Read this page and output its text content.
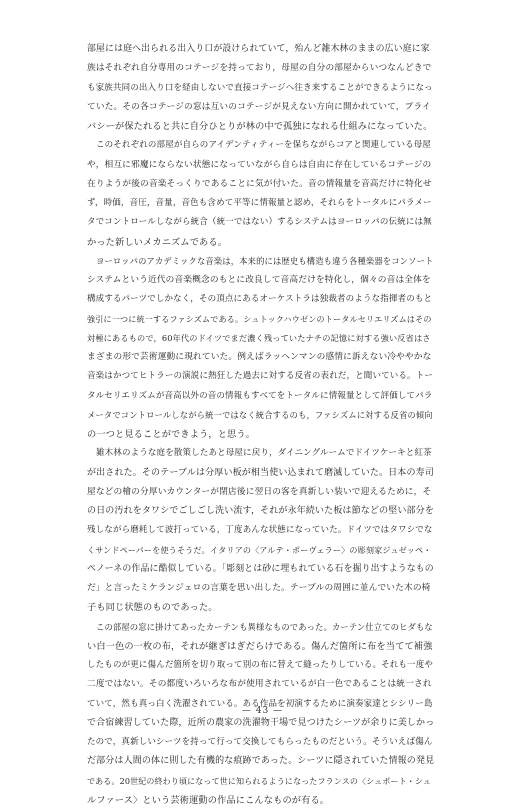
部屋には庭へ出られる出入り口が設けられていて，殆んど雑木林のままの広い庭に家
族はそれぞれ自分専用のコテージを持っており，母屋の自分の部屋からいつなんどきで
も家族共同の出入り口を経由しないで直接コテージへ往き来することができるようになっ
ていた。その各コテージの窓は互いのコテージが見えない方向に開かれていて，プライ
バシーが保たれると共に自分ひとりが林の中で孤独になれる仕組みになっていた。
このそれぞれの部屋が自らのアイデンティティーを保ちながらコアと関連している母屋
や，相互に邪魔にならない状態になっていながら自らは自由に存在しているコテージの
在りようが後の音楽そっくりであることに気が付いた。音の情報量を音高だけに特化せ
ず，時価，音圧，音量，音色も含めて平等に情報量と認め，それらをトータルにパラメー
タでコントロールしながら統合（統一ではない）するシステムはヨーロッパの伝統には無
かった新しいメカニズムである。
ヨーロッパのアカデミックな音楽は，本来的には歴史も構造も違う各種楽器をコンソート
システムという近代の音楽概念のもとに改良して音高だけを特化し，個々の音は全体を
構成するパーツでしかなく，その頂点にあるオーケストラは独裁者のような指揮者のもと
強引に一つに統一するファシズムである。シュトックハウゼンのトータルセリエリズムはその
対極にあるもので，60年代のドイツでまだ濃く残っていたナチの記憶に対する強い反省はさ
まざまの形で芸術運動に現れていた。例えばラッヘンマンの感情に訴えない冷ややかな
音楽はかつてヒトラーの演説に熱狂した過去に対する反省の表れだ，と聞いている。トー
タルセリエリズムが音高以外の音の情報もすべてをトータルに情報量として評価してパラ
メータでコントロールしながら統一ではなく統合するのも，ファシズムに対する反省の傾向
の一つと見ることができよう，と思う。
雑木林のような庭を散策したあと母屋に戻り，ダイニングルームでドイツケーキと紅茶
が出された。そのテーブルは分厚い板が相当使い込まれて磨滅していた。日本の寿司
屋などの檜の分厚いカウンターが閉店後に翌日の客を真新しい装いで迎えるために，そ
の日の汚れをタワシでごしごし洗い流す，それが永年続いた板は節などの堅い部分を
残しながら磨耗して波打っている，丁度あんな状態になっていた。ドイツではタワシでな
くサンドペーパーを使うそうだ。イタリアの〈アルテ・ポーヴェラー〉の彫刻家ジュゼッペ・
ペノーネの作品に酷似している。「彫刻とは砂に埋もれている石を掘り出すようなもの
だ」と言ったミケランジェロの言葉を思い出した。テーブルの周囲に並んでいた木の椅
子も同じ状態のものであった。
この部屋の窓に掛けてあったカーテンも異様なものであった。カーテン仕立てのヒダもな
い白一色の一枚の布，それが継ぎはぎだらけである。傷んだ箇所に布を当てて補強
したものが更に傷んだ箇所を切り取って別の布に替えて縫ったりしている。それも一度や
二度ではない。その都度いろいろな布が使用されているが白一色であることは統一され
ていて，然も真っ白く洗濯されている。ある作品を初演するために演奏家達とシシリー島
で合宿練習していた際，近所の農家の洗濯物干場で見つけたシーツが余りに美しかっ
たので，真新しいシーツを持って行って交換してもらったものだという。そういえば傷ん
だ部分は人間の体に則した有機的な痕跡であった。シーツに隠されていた情報の発見
である。20世紀の終わり頃になって世に知られるようになったフランスの〈シュポート・シュ
ルファース〉という芸術運動の作品にこんなものが有る。
— 43 —
